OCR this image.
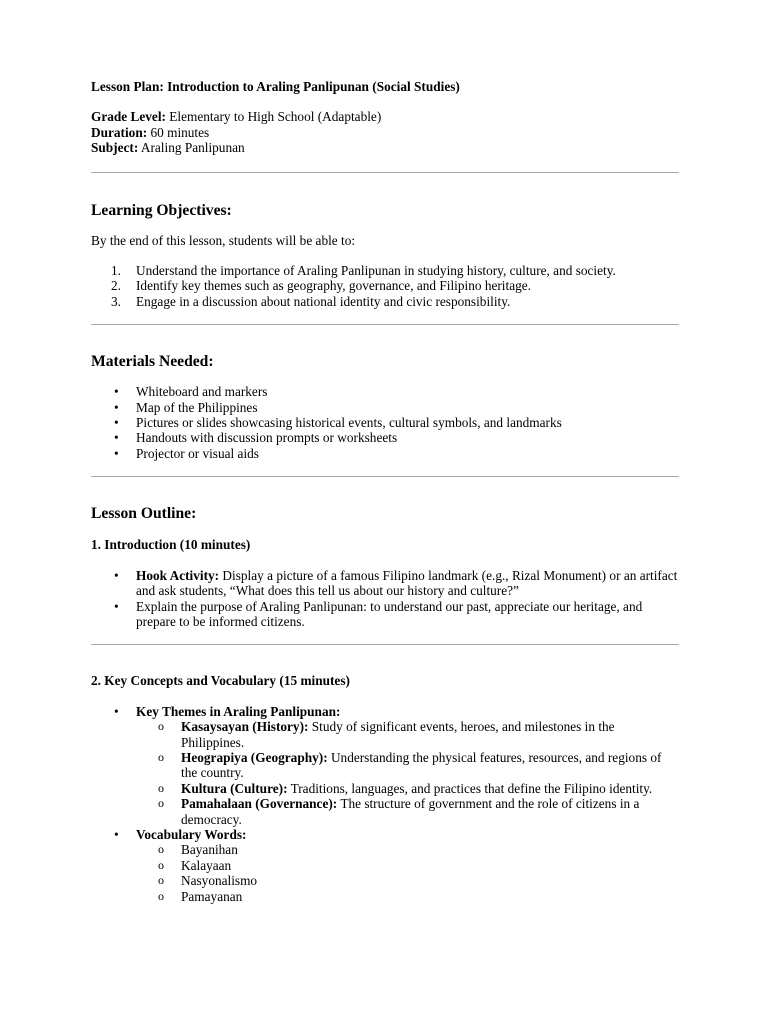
Lesson Plan: Introduction to Araling Panlipunan (Social Studies)

Grade Level: Elementary to High School (Adaptable)

Duration: 60 minutes

Subject: Araling Panlipunan

Learning Objectives:

By the end of this lesson, students will be able to:

1. Understand the importance of Araling Panlipunan in studying history, culture, and society.
2. Identify key themes such as geography, governance, and Filipino heritage.
3. Engage in a discussion about national identity and civic responsibility.
Materials Needed:
• Whiteboard and markers
• Map of the Philippines
• Pictures or slides showcasing historical events, cultural symbols, and landmarks
• Handouts with discussion prompts or worksheets
• Projector or visual aids
Lesson Outline:
1. Introduction (10 minutes)
• Hook Activity: Display a picture of a famous Filipino landmark (e.g., Rizal Monument) or an artifact and ask students, “What does this tell us about our history and culture?”
• Explain the purpose of Araling Panlipunan: to understand our past, appreciate our heritage, and prepare to be informed citizens.
2. Key Concepts and Vocabulary (15 minutes)
• Key Themes in Araling Panlipunan:
o Kasaysayan (History): Study of significant events, heroes, and milestones in the Philippines.
o Heograpiya (Geography): Understanding the physical features, resources, and regions of the country.
o Kultura (Culture): Traditions, languages, and practices that define the Filipino identity.
o Pamahalaan (Governance): The structure of government and the role of citizens in a democracy.
• Vocabulary Words:
o Bayanihan
o Kalayaan
o Nasyonalismo
o Pamayanan
